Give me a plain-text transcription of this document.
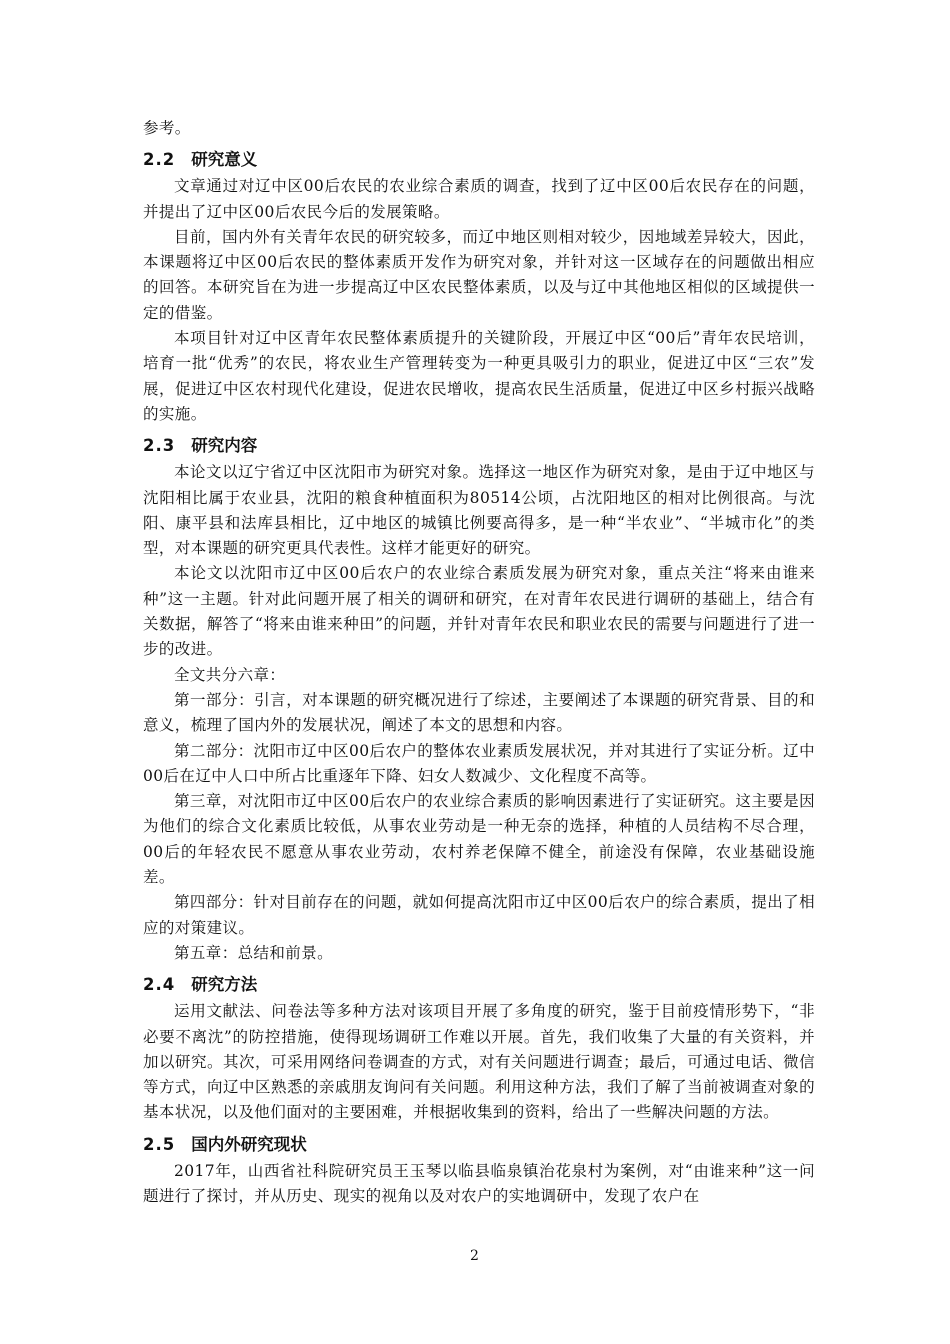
参考。

2.2 研究意义

文章通过对辽中区00后农民的农业综合素质的调查，找到了辽中区00后农民存在的问题，并提出了辽中区00后农民今后的发展策略。

目前，国内外有关青年农民的研究较多，而辽中地区则相对较少，因地域差异较大，因此，本课题将辽中区00后农民的整体素质开发作为研究对象，并针对这一区域存在的问题做出相应的回答。本研究旨在为进一步提高辽中区农民整体素质，以及与辽中其他地区相似的区域提供一定的借鉴。

本项目针对辽中区青年农民整体素质提升的关键阶段，开展辽中区“00后”青年农民培训，培育一批“优秀”的农民，将农业生产管理转变为一种更具吸引力的职业，促进辽中区“三农”发展，促进辽中区农村现代化建设，促进农民增收，提高农民生活质量，促进辽中区乡村振兴战略的实施。

2.3 研究内容

本论文以辽宁省辽中区沈阳市为研究对象。选择这一地区作为研究对象，是由于辽中地区与沈阳相比属于农业县，沈阳的粮食种植面积为80514公顷，占沈阳地区的相对比例很高。与沈阳、康平县和法库县相比，辽中地区的城镇比例要高得多，是一种“半农业”、“半城市化”的类型，对本课题的研究更具代表性。这样才能更好的研究。

本论文以沈阳市辽中区00后农户的农业综合素质发展为研究对象，重点关注“将来由谁来种”这一主题。针对此问题开展了相关的调研和研究，在对青年农民进行调研的基础上，结合有关数据，解答了“将来由谁来种田”的问题，并针对青年农民和职业农民的需要与问题进行了进一步的改进。

全文共分六章：

第一部分：引言，对本课题的研究概况进行了综述，主要阐述了本课题的研究背景、目的和意义，梳理了国内外的发展状况，阐述了本文的思想和内容。

第二部分：沈阳市辽中区00后农户的整体农业素质发展状况，并对其进行了实证分析。辽中00后在辽中人口中所占比重逐年下降、妇女人数减少、文化程度不高等。

第三章，对沈阳市辽中区00后农户的农业综合素质的影响因素进行了实证研究。这主要是因为他们的综合文化素质比较低，从事农业劳动是一种无奈的选择，种植的人员结构不尽合理，00后的年轻农民不愿意从事农业劳动，农村养老保障不健全，前途没有保障，农业基础设施差。

第四部分：针对目前存在的问题，就如何提高沈阳市辽中区00后农户的综合素质，提出了相应的对策建议。

第五章：总结和前景。

2.4 研究方法

运用文献法、问卷法等多种方法对该项目开展了多角度的研究，鉴于目前疫情形势下，“非必要不离沈”的防控措施，使得现场调研工作难以开展。首先，我们收集了大量的有关资料，并加以研究。其次，可采用网络问卷调查的方式，对有关问题进行调查；最后，可通过电话、微信等方式，向辽中区熟悉的亲戚朋友询问有关问题。利用这种方法，我们了解了当前被调查对象的基本状况，以及他们面对的主要困难，并根据收集到的资料，给出了一些解决问题的方法。

2.5 国内外研究现状

2017年，山西省社科院研究员王玉琴以临县临泉镇治花泉村为案例，对“由谁来种”这一问题进行了探讨，并从历史、现实的视角以及对农户的实地调研中，发现了农户在

2
